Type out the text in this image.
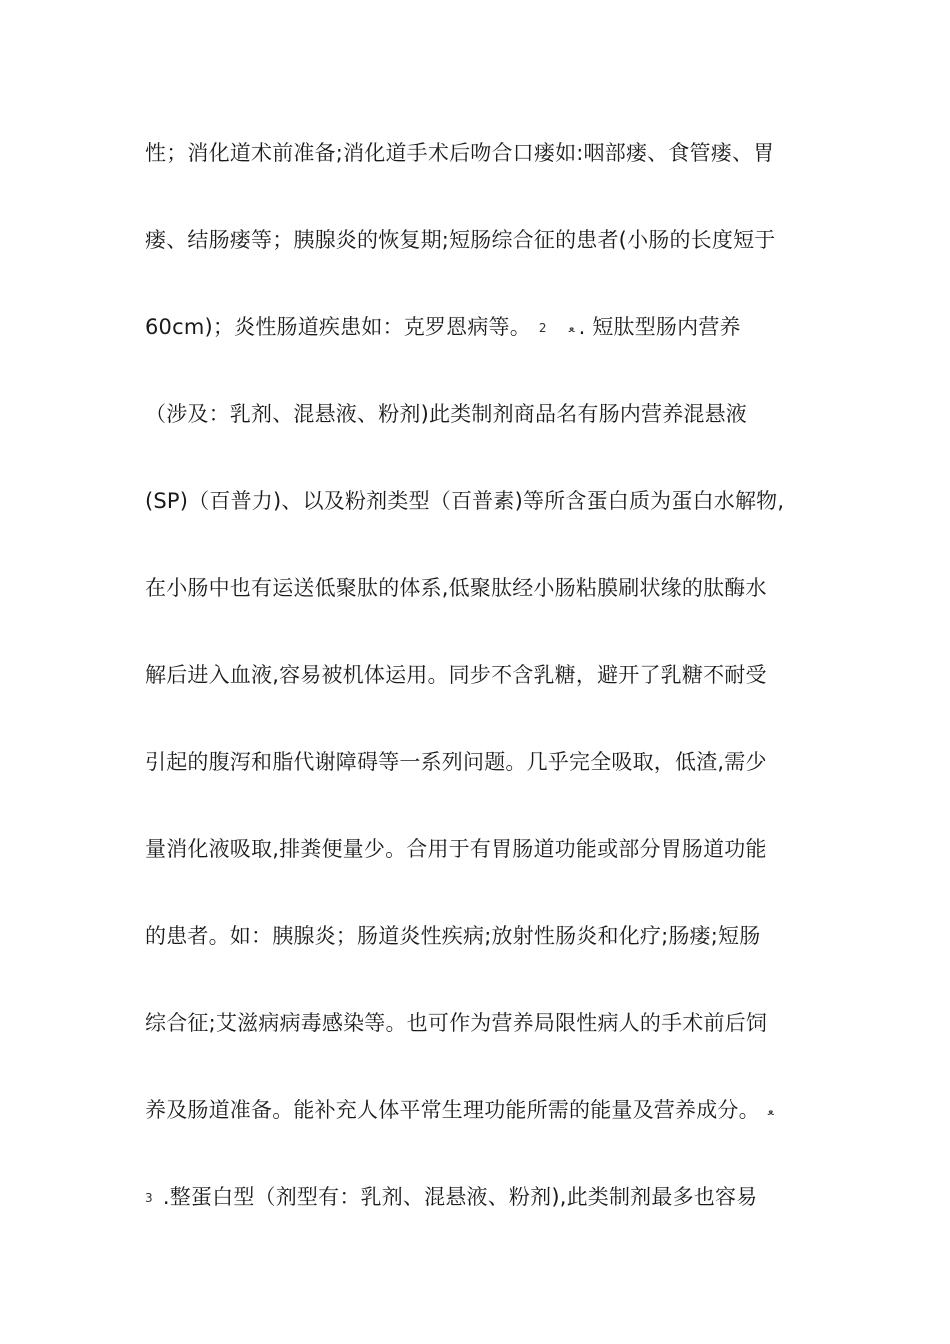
性；消化道术前准备;消化道手术后吻合口瘘如:咽部瘘、食管瘘、胃
瘘、结肠瘘等；胰腺炎的恢复期;短肠综合征的患者(小肠的长度短于
60cm)；炎性肠道疾患如：克罗恩病等。 2 ﻌ . 短肽型肠内营养
（涉及：乳剂、混悬液、粉剂)此类制剂商品名有肠内营养混悬液
(SP)（百普力)、以及粉剂类型（百普素)等所含蛋白质为蛋白水解物,
在小肠中也有运送低聚肽的体系,低聚肽经小肠粘膜刷状缘的肽酶水
解后进入血液,容易被机体运用。同步不含乳糖，避开了乳糖不耐受
引起的腹泻和脂代谢障碍等一系列问题。几乎完全吸取，低渣,需少
量消化液吸取,排粪便量少。合用于有胃肠道功能或部分胃肠道功能
的患者。如：胰腺炎；肠道炎性疾病;放射性肠炎和化疗;肠瘘;短肠
综合征;艾滋病病毒感染等。也可作为营养局限性病人的手术前后饲
养及肠道准备。能补充人体平常生理功能所需的能量及营养成分。 ﻌ
3 .整蛋白型（剂型有：乳剂、混悬液、粉剂),此类制剂最多也容易
